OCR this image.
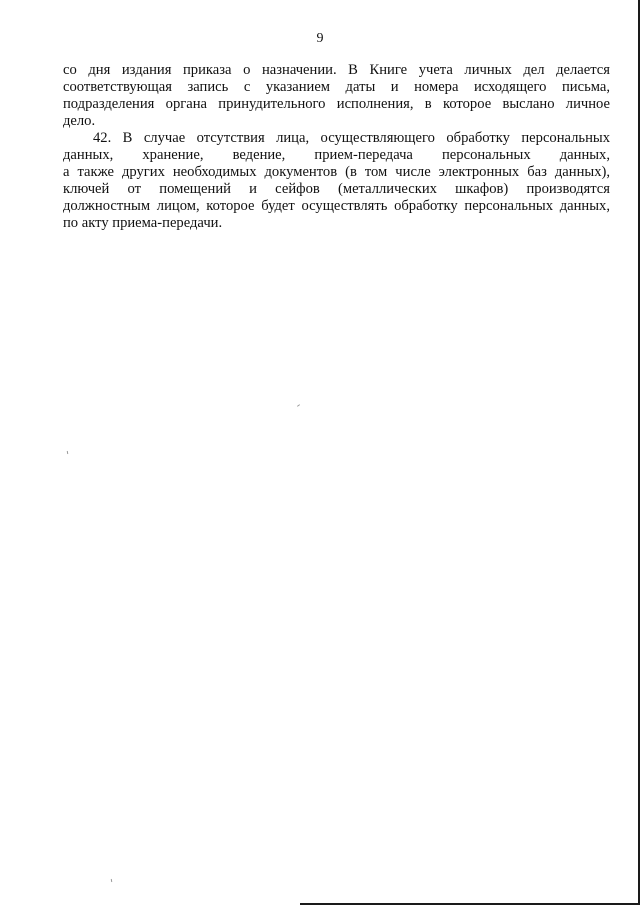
9
со дня издания приказа о назначении. В Книге учета личных дел делается
соответствующая запись с указанием даты и номера исходящего письма,
подразделения органа принудительного исполнения, в которое выслано личное
дело.
42. В случае отсутствия лица, осуществляющего обработку персональных
данных, хранение, ведение, прием-передача персональных данных,
а также других необходимых документов (в том числе электронных баз данных),
ключей от помещений и сейфов (металлических шкафов) производятся
должностным лицом, которое будет осуществлять обработку персональных данных,
по акту приема-передачи.
